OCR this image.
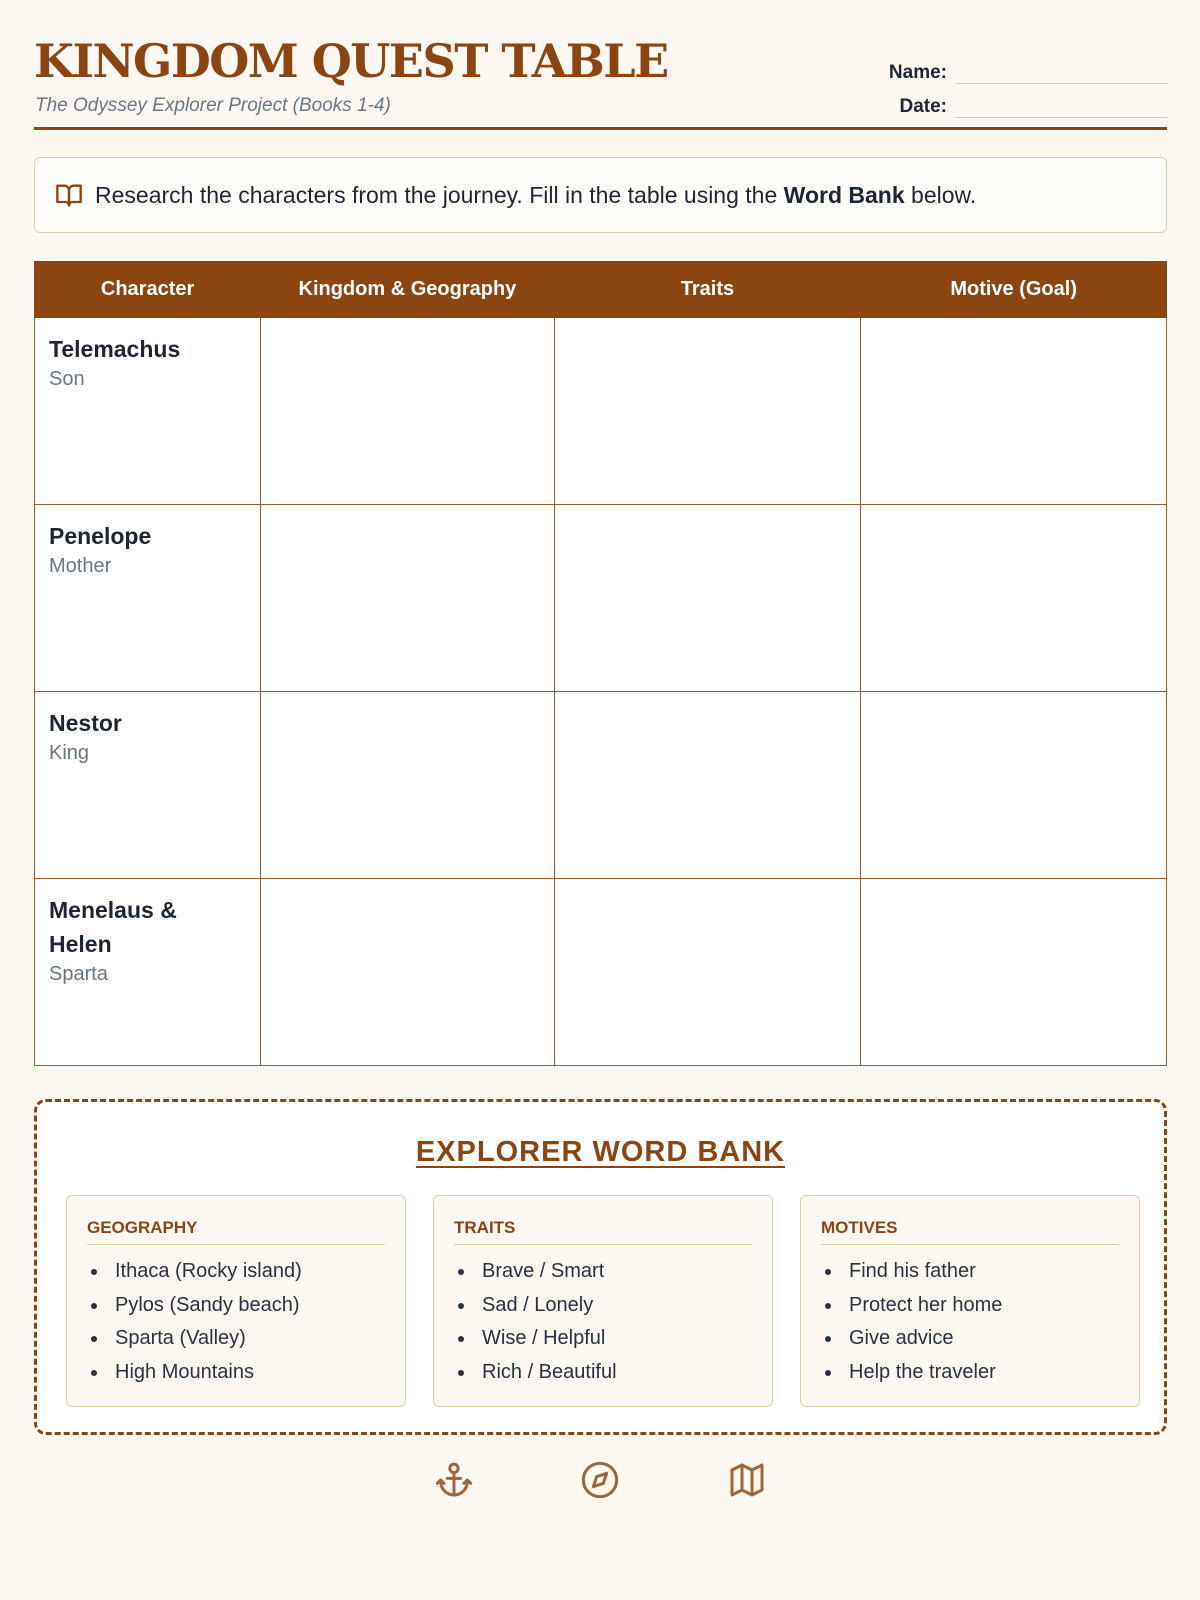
KINGDOM QUEST TABLE
The Odyssey Explorer Project (Books 1-4)
Name:
Date:
Research the characters from the journey. Fill in the table using the Word Bank below.
Character	Kingdom & Geography	Traits	Motive (Goal)

Telemachus
Son			

Penelope
Mother			

Nestor
King			

Menelaus & Helen
Sparta			

EXPLORER WORD BANK
GEOGRAPHY
Ithaca (Rocky island)
Pylos (Sandy beach)
Sparta (Valley)
High Mountains
TRAITS
Brave / Smart
Sad / Lonely
Wise / Helpful
Rich / Beautiful
MOTIVES
Find his father
Protect her home
Give advice
Help the traveler
